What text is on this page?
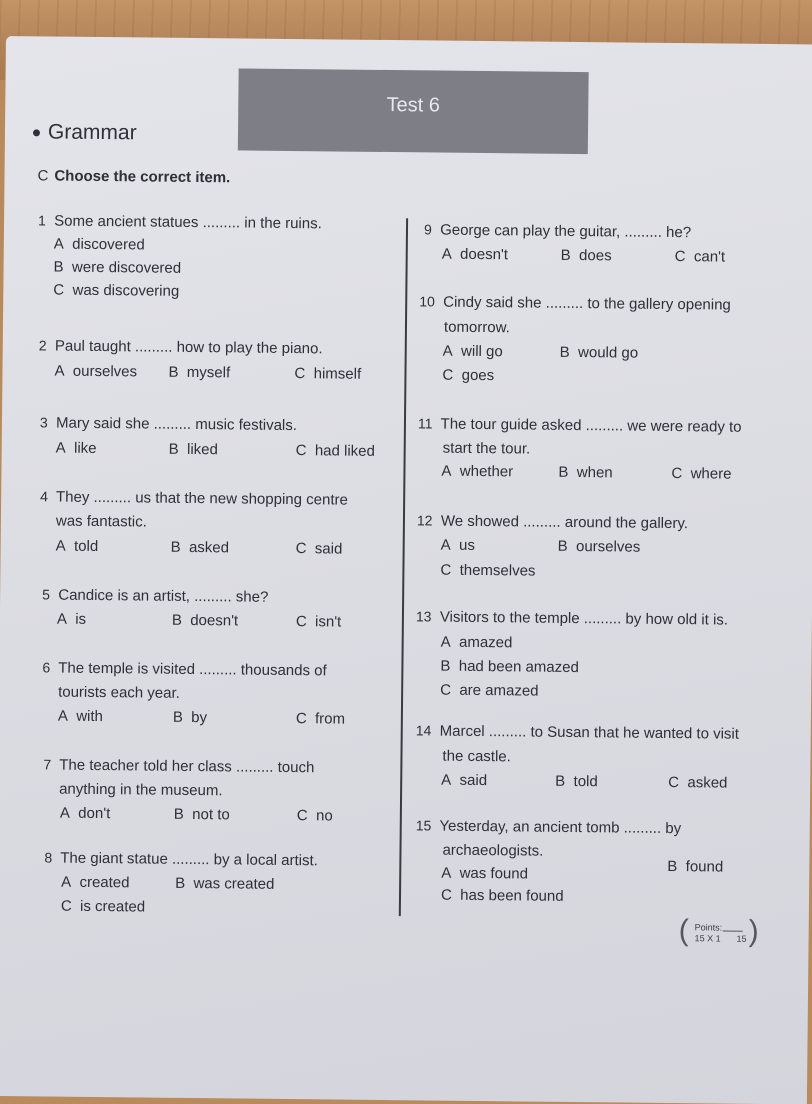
Test 6
Grammar
C Choose the correct item.
1 Some ancient statues ......... in the ruins.
A discovered
B were discovered
C was discovering
2 Paul taught ......... how to play the piano.
A ourselves B myself	C himself
3 Mary said she ......... music festivals.
A like	B liked	C had liked
4 They ......... us that the new shopping centre
was fantastic.
A told	B asked	C said
5 Candice is an artist, ......... she?
A is	B doesn't	C isn't
6 The temple is visited ......... thousands of
tourists each year.
A with	B by	C from
7 The teacher told her class ......... touch
anything in the museum.
A don't	B not to	C no
8 The giant statue ......... by a local artist.
A created	B was created
C is created
9 George can play the guitar, ......... he?
A doesn't	B does	C can't
10 Cindy said she ......... to the gallery opening
tomorrow.
A will go	B would go
C goes
11 The tour guide asked ......... we were ready to
start the tour.
A whether	B when	C where
12 We showed ......... around the gallery.
A us	B ourselves
C themselves
13 Visitors to the temple ......... by how old it is.
A amazed
B had been amazed
C are amazed
14 Marcel ......... to Susan that he wanted to visit
the castle.
A said	B told	C asked
15 Yesterday, an ancient tomb ......... by
archaeologists.
A was found	B found
C has been found
( Points:
15 X 1 15 )
